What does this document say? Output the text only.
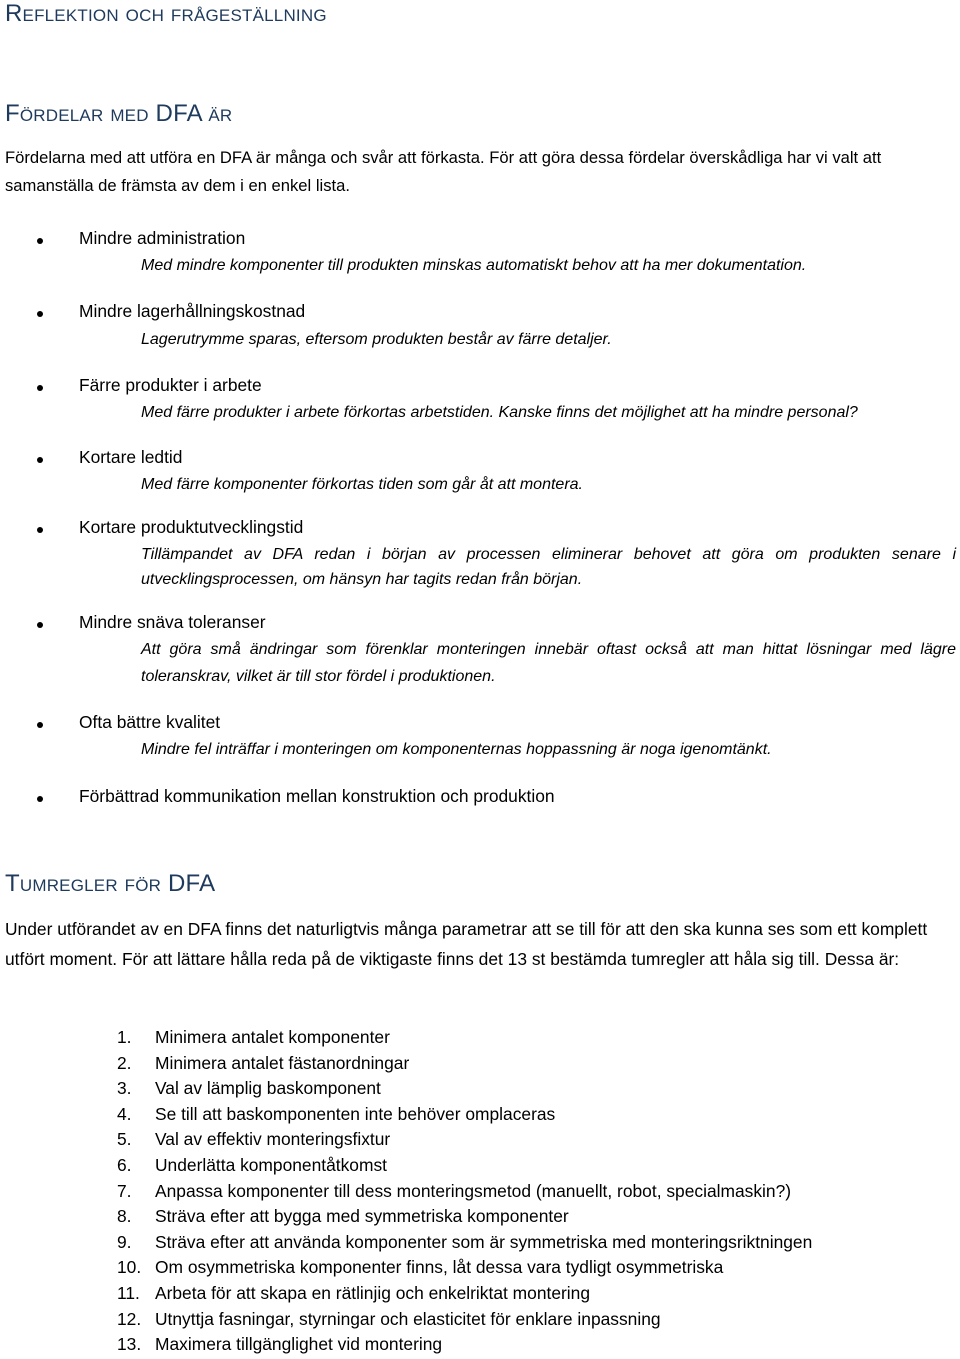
Reflektion och frågeställning
Fördelar med DFA är
Fördelarna med att utföra en DFA är många och svår att förkasta. För att göra dessa fördelar överskådliga har vi valt att samanställa de främsta av dem i en enkel lista.
Mindre administration
Med mindre komponenter till produkten minskas automatiskt behov att ha mer dokumentation.
Mindre lagerhållningskostnad
Lagerutrymme sparas, eftersom produkten består av färre detaljer.
Färre produkter i arbete
Med färre produkter i arbete förkortas arbetstiden. Kanske finns det möjlighet att ha mindre personal?
Kortare ledtid
Med färre komponenter förkortas tiden som går åt att montera.
Kortare produktutvecklingstid
Tillämpandet av DFA redan i början av processen eliminerar behovet att göra om produkten senare i utvecklingsprocessen, om hänsyn har tagits redan från början.
Mindre snäva toleranser
Att göra små ändringar som förenklar monteringen innebär oftast också att man hittat lösningar med lägre toleranskrav, vilket är till stor fördel i produktionen.
Ofta bättre kvalitet
Mindre fel inträffar i monteringen om komponenternas hoppassning är noga igenomtänkt.
Förbättrad kommunikation mellan konstruktion och produktion
Tumregler för DFA
Under utförandet av en DFA finns det naturligtvis många parametrar att se till för att den ska kunna ses som ett komplett utfört moment. För att lättare hålla reda på de viktigaste finns det 13 st bestämda tumregler att håla sig till. Dessa är:
1. Minimera antalet komponenter
2. Minimera antalet fästanordningar
3. Val av lämplig baskomponent
4. Se till att baskomponenten inte behöver omplaceras
5. Val av effektiv monteringsfixtur
6. Underlätta komponentåtkomst
7. Anpassa komponenter till dess monteringsmetod (manuellt, robot, specialmaskin?)
8. Sträva efter att bygga med symmetriska komponenter
9. Sträva efter att använda komponenter som är symmetriska med monteringsriktningen
10. Om osymmetriska komponenter finns, låt dessa vara tydligt osymmetriska
11. Arbeta för att skapa en rätlinjig och enkelriktat montering
12. Utnyttja fasningar, styrningar och elasticitet för enklare inpassning
13. Maximera tillgänglighet vid montering
